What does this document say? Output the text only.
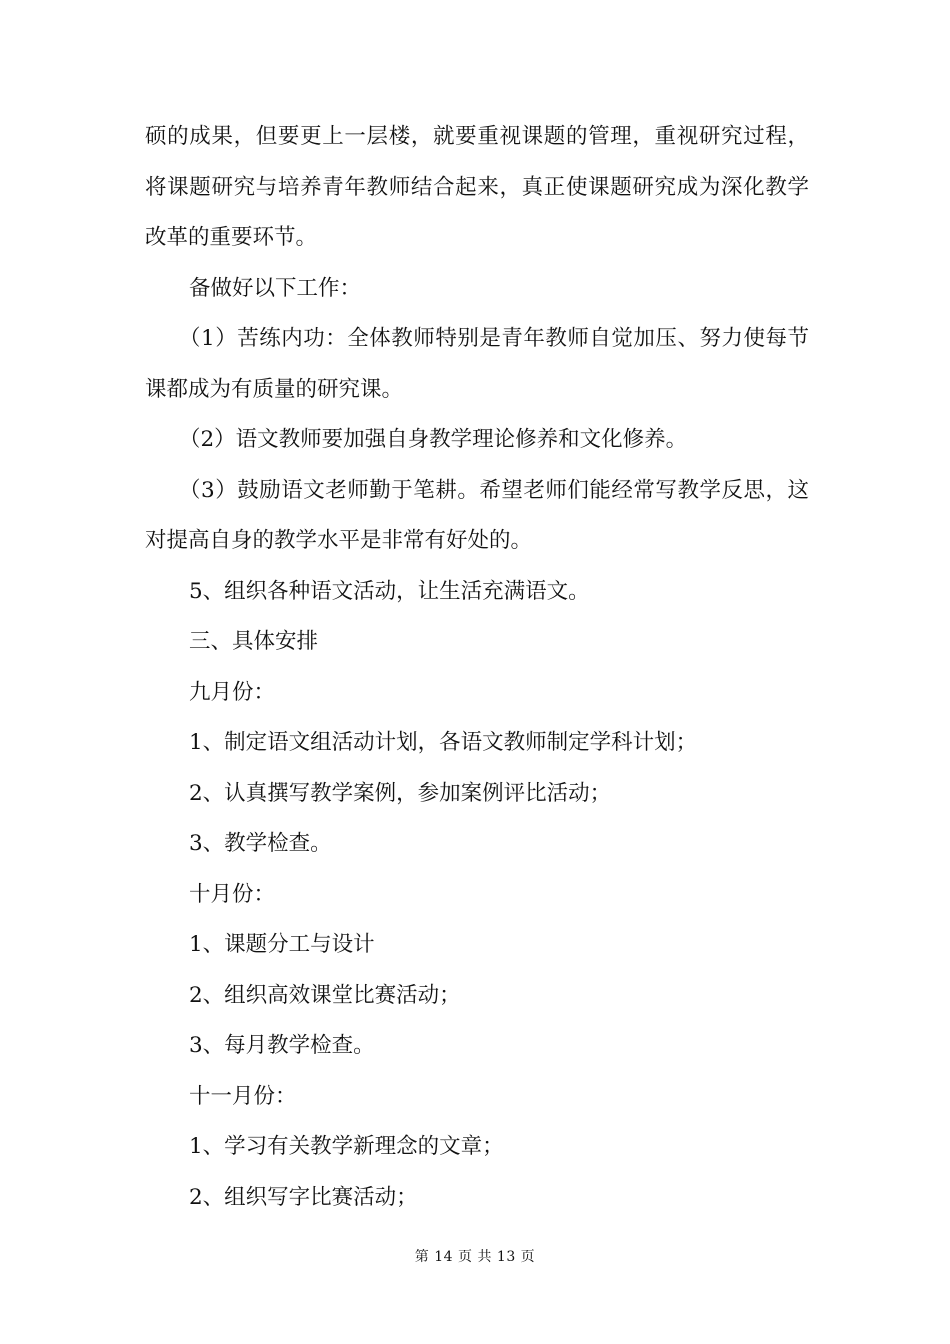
硕的成果，但要更上一层楼，就要重视课题的管理，重视研究过程，将课题研究与培养青年教师结合起来，真正使课题研究成为深化教学改革的重要环节。

备做好以下工作：

（1）苦练内功：全体教师特别是青年教师自觉加压、努力使每节课都成为有质量的研究课。

（2）语文教师要加强自身教学理论修养和文化修养。

（3）鼓励语文老师勤于笔耕。希望老师们能经常写教学反思，这对提高自身的教学水平是非常有好处的。

5、组织各种语文活动，让生活充满语文。

三、具体安排

九月份：

1、制定语文组活动计划，各语文教师制定学科计划；

2、认真撰写教学案例，参加案例评比活动；

3、教学检查。

十月份：

1、课题分工与设计

2、组织高效课堂比赛活动；

3、每月教学检查。

十一月份：

1、学习有关教学新理念的文章；

2、组织写字比赛活动；

第 14 页 共 13 页
